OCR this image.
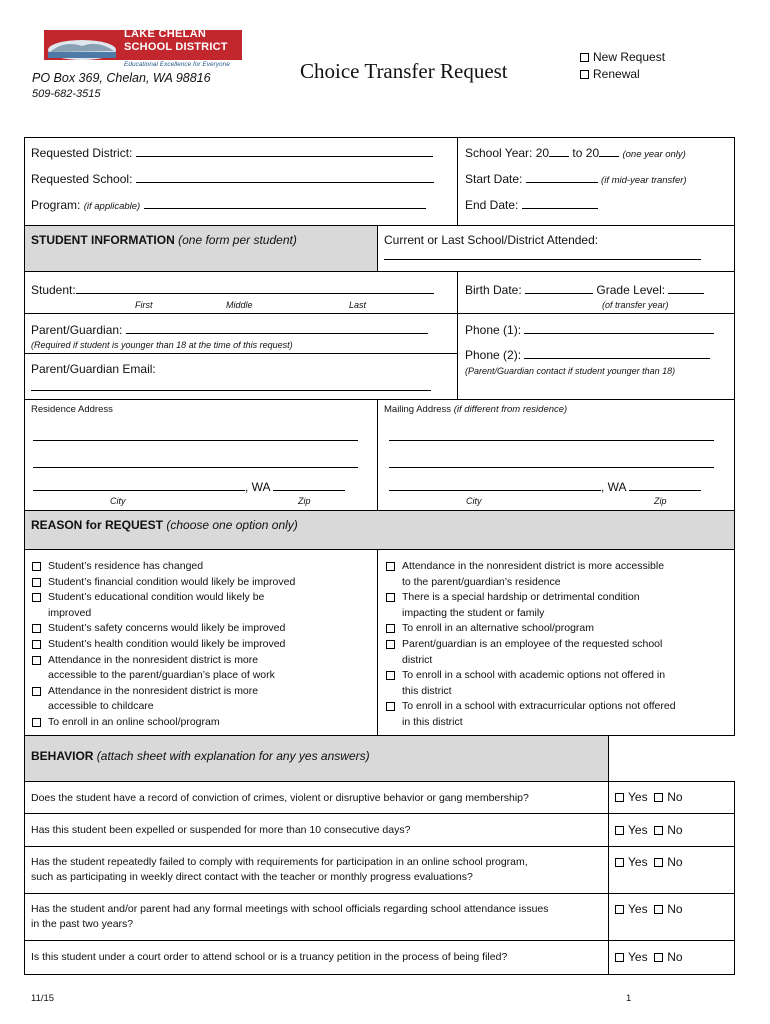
LAKE CHELAN
SCHOOL DISTRICT
Educational Excellence for Everyone
PO Box 369, Chelan, WA 98816
509-682-3515
Choice Transfer Request
New Request
Renewal
Requested District:
Requested School:
Program: (if applicable)
School Year: 20 to 20 (one year only)
Start Date:	(if mid-year transfer)
End Date:
STUDENT INFORMATION (one form per student)	Current or Last School/District Attended:

Student:
First	Middle	Last
Birth Date:	Grade Level:
(of transfer year)
Parent/Guardian:
(Required if student is younger than 18 at the time of this request)
Phone (1):
Phone (2):
(Parent/Guardian contact if student younger than 18)
Parent/Guardian Email:

Residence Address	Mailing Address (if different from residence)
, WA
City	Zip
, WA
City	Zip
REASON for REQUEST (choose one option only)
Student’s residence has changed
Student’s financial condition would likely be improved
Student’s educational condition would likely be
improved
Student’s safety concerns would likely be improved
Student’s health condition would likely be improved
Attendance in the nonresident district is more
accessible to the parent/guardian’s place of work
Attendance in the nonresident district is more
accessible to childcare
To enroll in an online school/program
Attendance in the nonresident district is more accessible
to the parent/guardian’s residence
There is a special hardship or detrimental condition
impacting the student or family
To enroll in an alternative school/program
Parent/guardian is an employee of the requested school
district
To enroll in a school with academic options not offered in
this district
To enroll in a school with extracurricular options not offered
in this district
BEHAVIOR (attach sheet with explanation for any yes answers)
Does the student have a record of conviction of crimes, violent or disruptive behavior or gang membership?	Yes No
Has this student been expelled or suspended for more than 10 consecutive days?	Yes No
Has the student repeatedly failed to comply with requirements for participation in an online school program,
such as participating in weekly direct contact with the teacher or monthly progress evaluations?
Yes No
Has the student and/or parent had any formal meetings with school officials regarding school attendance issues
in the past two years?
Yes No
Is this student under a court order to attend school or is a truancy petition in the process of being filed?	Yes No
11/15	1
